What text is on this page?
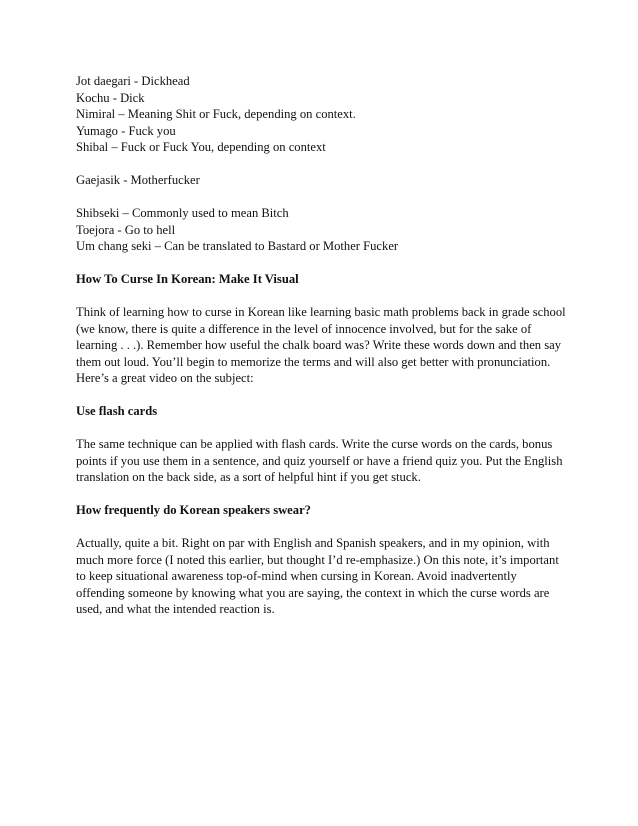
Jot daegari - Dickhead
Kochu - Dick
Nimiral – Meaning Shit or Fuck, depending on context.
Yumago - Fuck you
Shibal – Fuck or Fuck You, depending on context
Gaejasik - Motherfucker
Shibseki – Commonly used to mean Bitch
Toejora - Go to hell
Um chang seki – Can be translated to Bastard or Mother Fucker
How To Curse In Korean: Make It Visual
Think of learning how to curse in Korean like learning basic math problems back in grade school
(we know, there is quite a difference in the level of innocence involved, but for the sake of
learning . . .). Remember how useful the chalk board was? Write these words down and then say
them out loud. You’ll begin to memorize the terms and will also get better with pronunciation.
Here’s a great video on the subject:
Use flash cards
The same technique can be applied with flash cards. Write the curse words on the cards, bonus
points if you use them in a sentence, and quiz yourself or have a friend quiz you. Put the English
translation on the back side, as a sort of helpful hint if you get stuck.
How frequently do Korean speakers swear?
Actually, quite a bit. Right on par with English and Spanish speakers, and in my opinion, with
much more force (I noted this earlier, but thought I’d re-emphasize.) On this note, it’s important
to keep situational awareness top-of-mind when cursing in Korean. Avoid inadvertently
offending someone by knowing what you are saying, the context in which the curse words are
used, and what the intended reaction is.
